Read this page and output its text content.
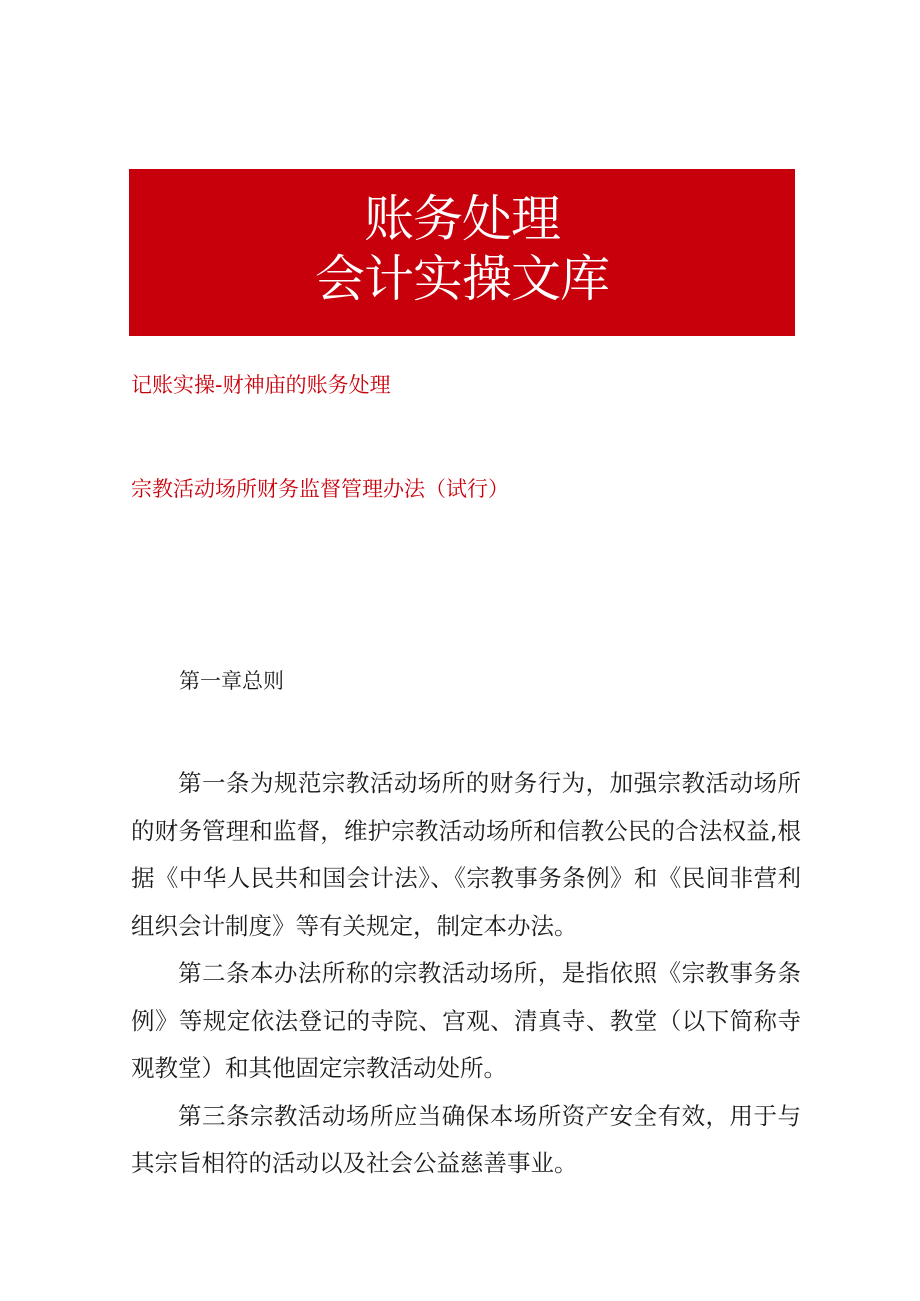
账务处理
会计实操文库
记账实操-财神庙的账务处理
宗教活动场所财务监督管理办法（试行）
第一章总则

第一条为规范宗教活动场所的财务行为，加强宗教活动场所的财务管理和监督，维护宗教活动场所和信教公民的合法权益,根据《中华人民共和国会计法》、《宗教事务条例》和《民间非营利组织会计制度》等有关规定，制定本办法。

第二条本办法所称的宗教活动场所，是指依照《宗教事务条例》等规定依法登记的寺院、宫观、清真寺、教堂（以下简称寺观教堂）和其他固定宗教活动处所。

第三条宗教活动场所应当确保本场所资产安全有效，用于与其宗旨相符的活动以及社会公益慈善事业。
